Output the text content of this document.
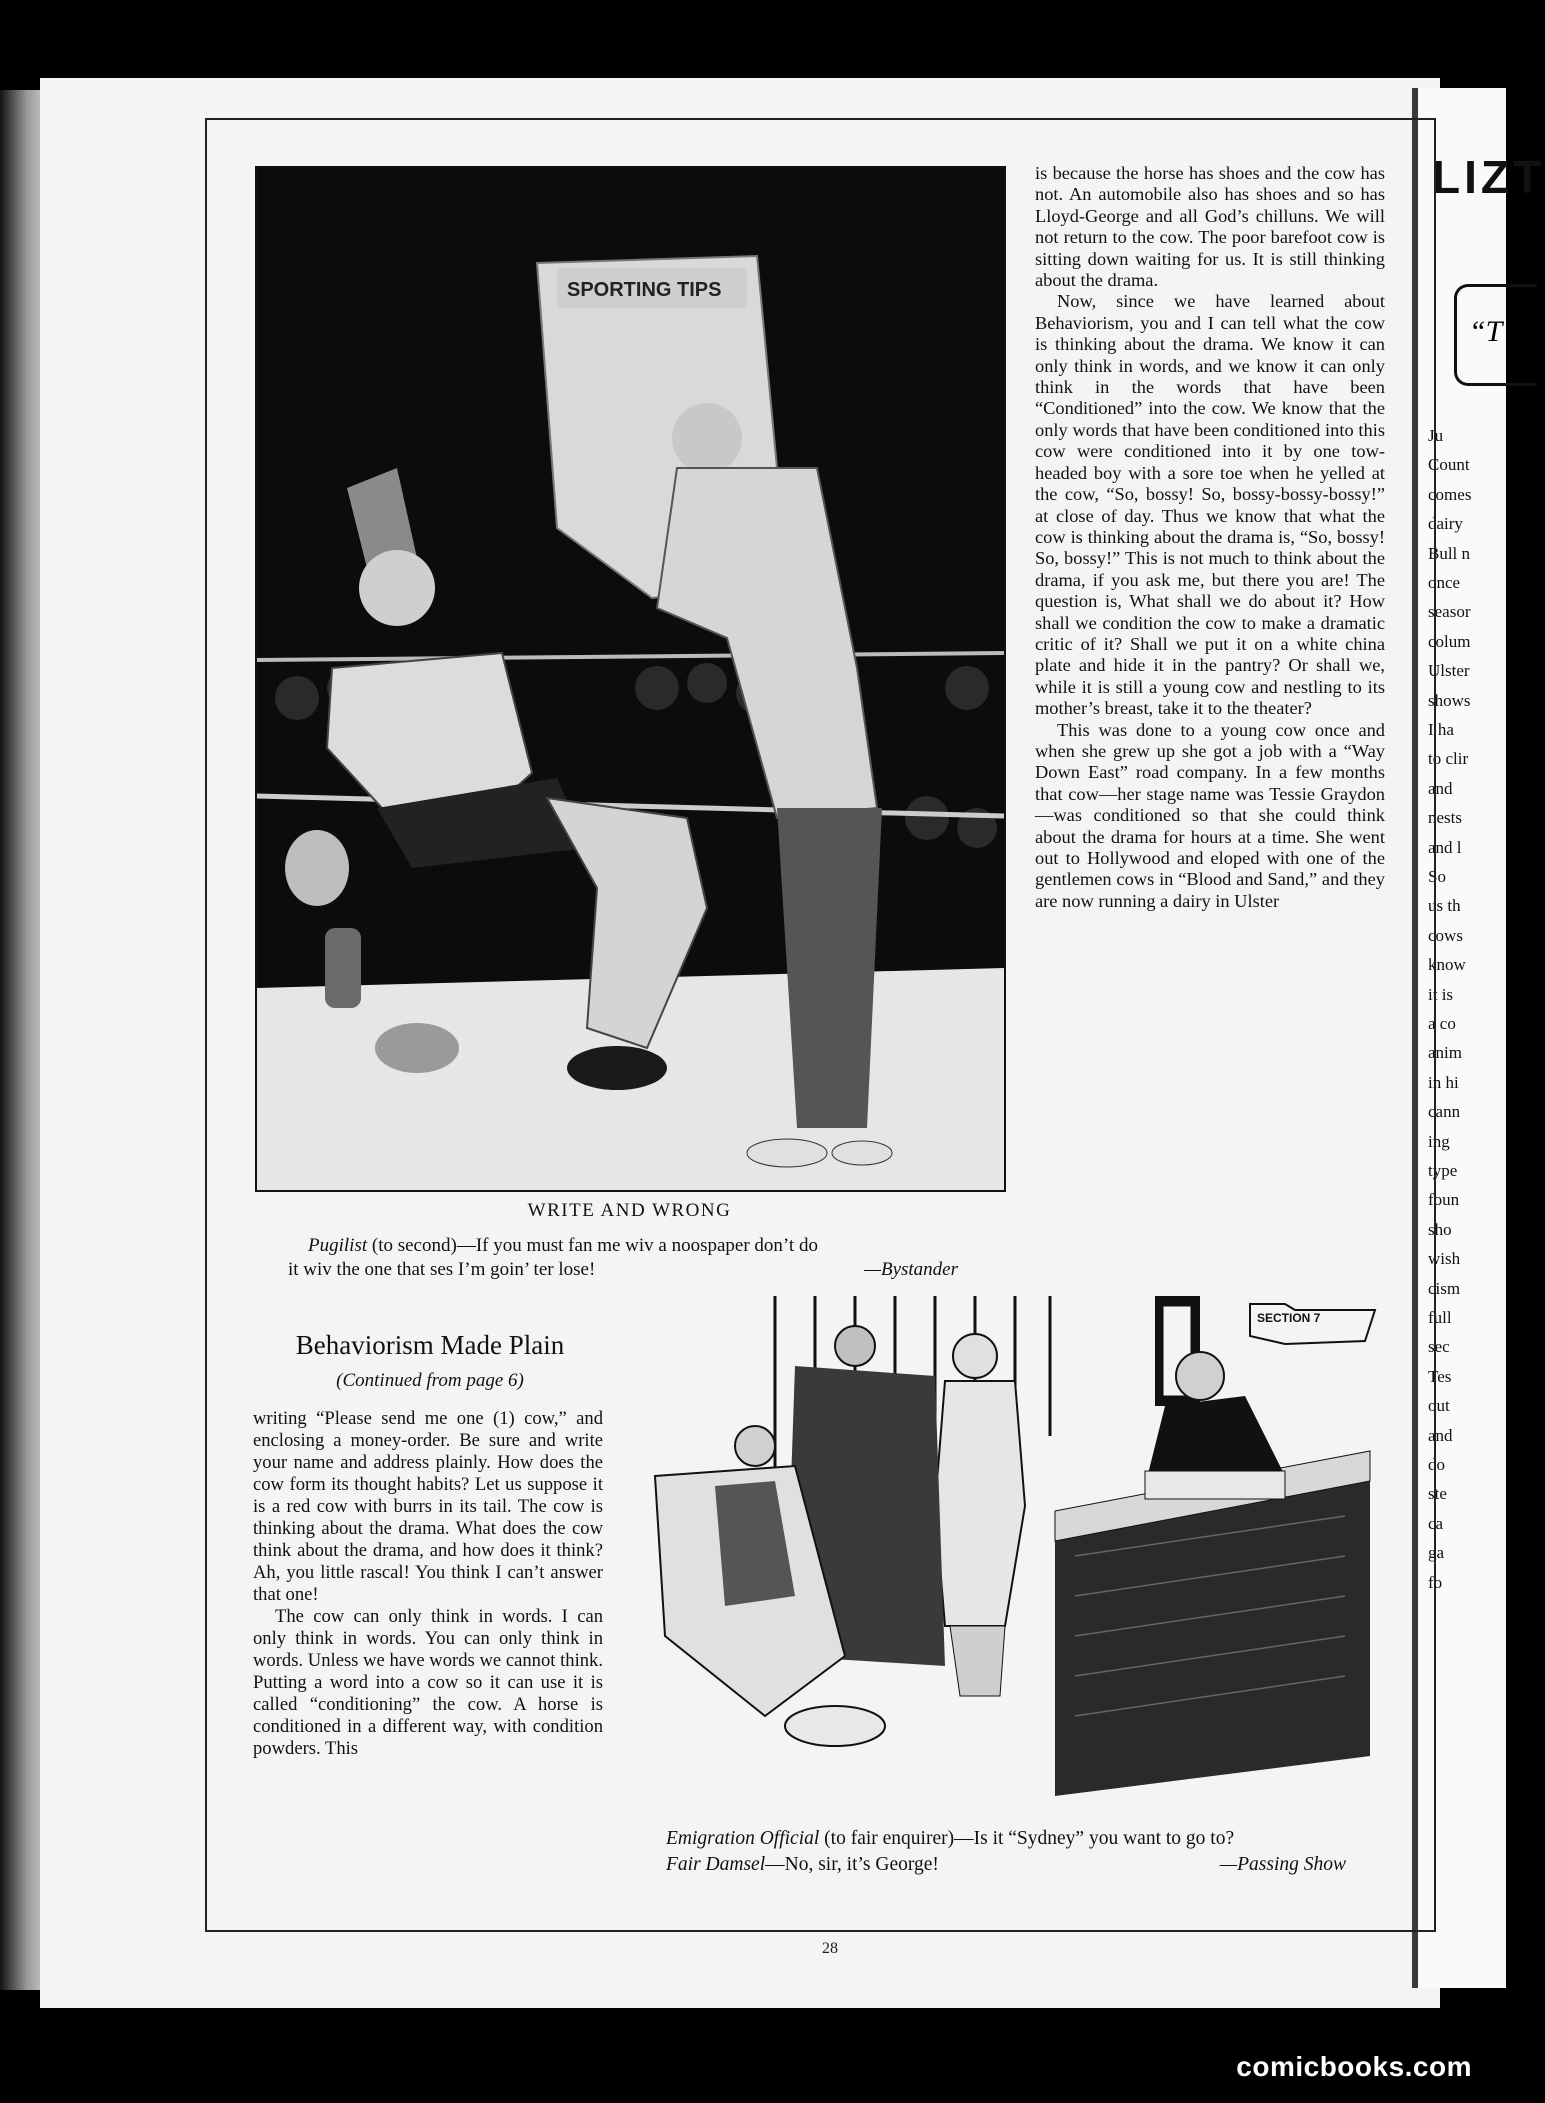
LIZT
“T
Ju
Count
comes
dairy
Bull n
once
seasor
colum
Ulster
shows
I ha
to clir
and
nests
and l
So
us th
cows
know
it is
a co
anim
in hi
cann
ing
type
foun
sho
wish
cism
full
sec
Tes
out
and
do
ste
ca
ga
fo
SPORTING TIPS
WRITE AND WRONG
Pugilist (to second)—If you must fan me wiv a noospaper don’t do
it wiv the one that ses I’m goin’ ter lose!	—Bystander

is because the horse has shoes and the cow has not. An automobile also has shoes and so has Lloyd-George and all God’s chilluns. We will not return to the cow. The poor barefoot cow is sitting down waiting for us. It is still thinking about the drama.

Now, since we have learned about Behaviorism, you and I can tell what the cow is thinking about the drama. We know it can only think in words, and we know it can only think in the words that have been “Conditioned” into the cow. We know that the only words that have been conditioned into this cow were conditioned into it by one tow-headed boy with a sore toe when he yelled at the cow, “So, bossy! So, bossy-bossy-bossy!” at close of day. Thus we know that what the cow is thinking about the drama is, “So, bossy! So, bossy!” This is not much to think about the drama, if you ask me, but there you are! The question is, What shall we do about it? How shall we condition the cow to make a dramatic critic of it? Shall we put it on a white china plate and hide it in the pantry? Or shall we, while it is still a young cow and nestling to its mother’s breast, take it to the theater?

This was done to a young cow once and when she grew up she got a job with a “Way Down East” road company. In a few months that cow—her stage name was Tessie Graydon—was conditioned so that she could think about the drama for hours at a time. She went out to Hollywood and eloped with one of the gentlemen cows in “Blood and Sand,” and they are now running a dairy in Ulster

Behaviorism Made Plain
(Continued from page 6)

writing “Please send me one (1) cow,” and enclosing a money-order. Be sure and write your name and address plainly. How does the cow form its thought habits? Let us suppose it is a red cow with burrs in its tail. The cow is thinking about the drama. What does the cow think about the drama, and how does it think? Ah, you little rascal! You think I can’t answer that one!

The cow can only think in words. I can only think in words. You can only think in words. Unless we have words we cannot think. Putting a word into a cow so it can use it is called “conditioning” the cow. A horse is conditioned in a different way, with condition powders. This

SECTION 7
Emigration Official (to fair enquirer)—Is it “Sydney” you want to go to?
Fair Damsel—No, sir, it’s George!	—Passing Show
28
comicbooks.com
